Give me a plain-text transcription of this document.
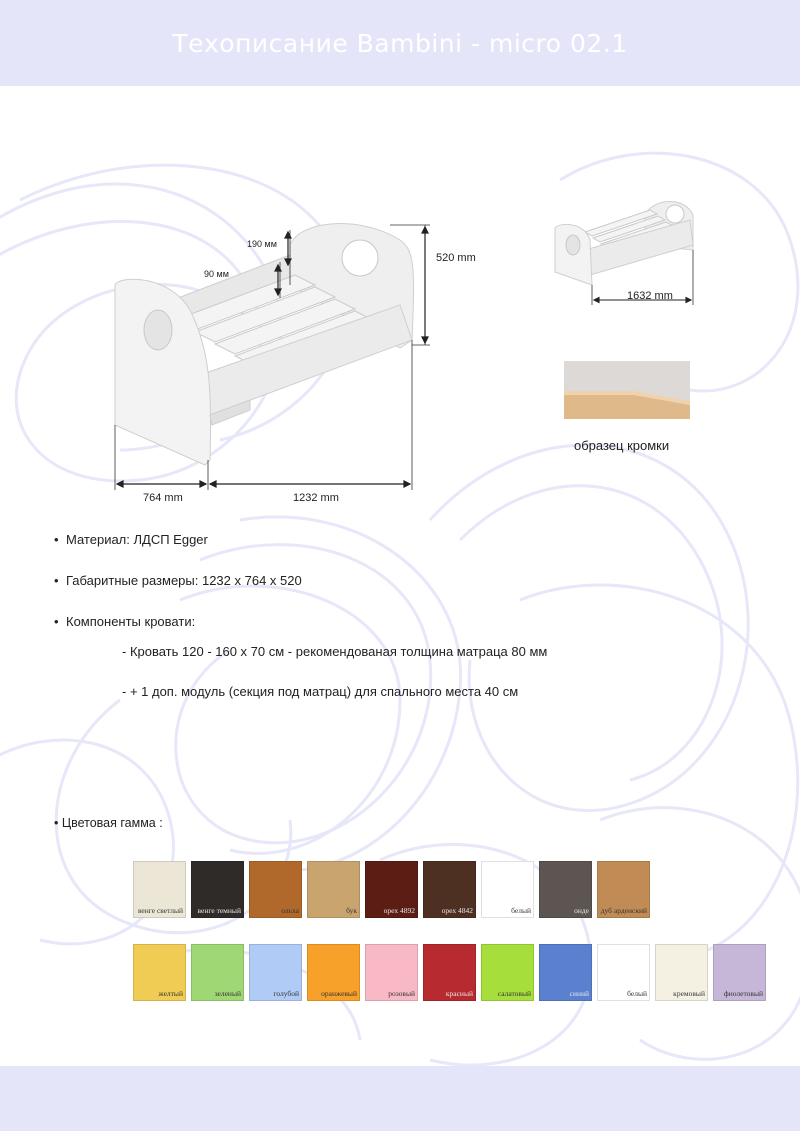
Техописание Bambini - micro 02.1
190 мм
90 мм
520 mm
764 mm	1232 mm
1632 mm
образец кромки
• Материал: ЛДСП Egger
• Габаритные размеры: 1232 x 764 x 520
• Компоненты кровати:
- Кровать 120 - 160 x 70 см - рекомендованая толщина матраца 80 мм
- + 1 доп. модуль (секция под матрац) для спального места 40 см
• Цветовая гамма :
венге светлый венге темный	ольха	бук	орех 4892	орех 4842	белый	онде дуб арденский
желтый	зеленый	голубой	оранжевый	розовый	красный	салатовый	синий	белый	кремовый	фиолетовый
